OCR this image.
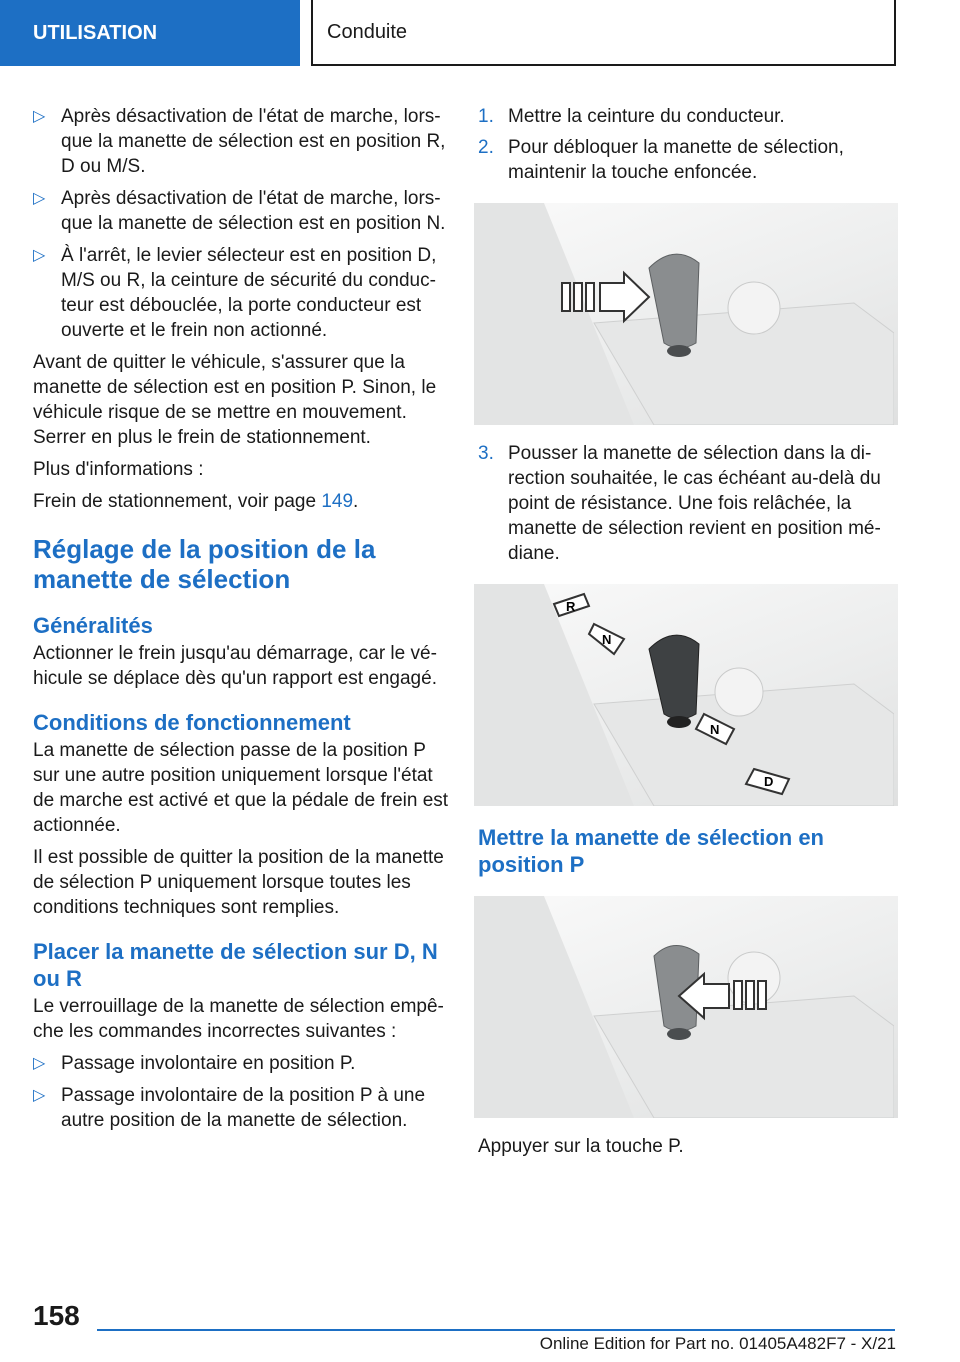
UTILISATION	Conduite
▷ Après désactivation de l'état de marche, lorsque la manette de sélection est en position R, D ou M/S.
▷ Après désactivation de l'état de marche, lorsque la manette de sélection est en position N.
▷ À l'arrêt, le levier sélecteur est en position D, M/S ou R, la ceinture de sécurité du conducteur est débouclée, la porte conducteur est ouverte et le frein non actionné.

Avant de quitter le véhicule, s'assurer que la manette de sélection est en position P. Sinon, le véhicule risque de se mettre en mouvement. Serrer en plus le frein de stationnement.

Plus d'informations :

Frein de stationnement, voir page 149.

Réglage de la position de la manette de sélection
Généralités

Actionner le frein jusqu'au démarrage, car le véhicule se déplace dès qu'un rapport est engagé.

Conditions de fonctionnement

La manette de sélection passe de la position P sur une autre position uniquement lorsque l'état de marche est activé et que la pédale de frein est actionnée.

Il est possible de quitter la position de la manette de sélection P uniquement lorsque toutes les conditions techniques sont remplies.

Placer la manette de sélection sur D, N ou R

Le verrouillage de la manette de sélection empêche les commandes incorrectes suivantes :

▷ Passage involontaire en position P.
▷ Passage involontaire de la position P à une autre position de la manette de sélection.
1. Mettre la ceinture du conducteur.
2. Pour débloquer la manette de sélection, maintenir la touche enfoncée.
3. Pousser la manette de sélection dans la direction souhaitée, le cas échéant au-delà du point de résistance. Une fois relâchée, la manette de sélection revient en position médiane.
R
N
N
D
Mettre la manette de sélection en position P

Appuyer sur la touche P.

158
Online Edition for Part no. 01405A482F7 - X/21
